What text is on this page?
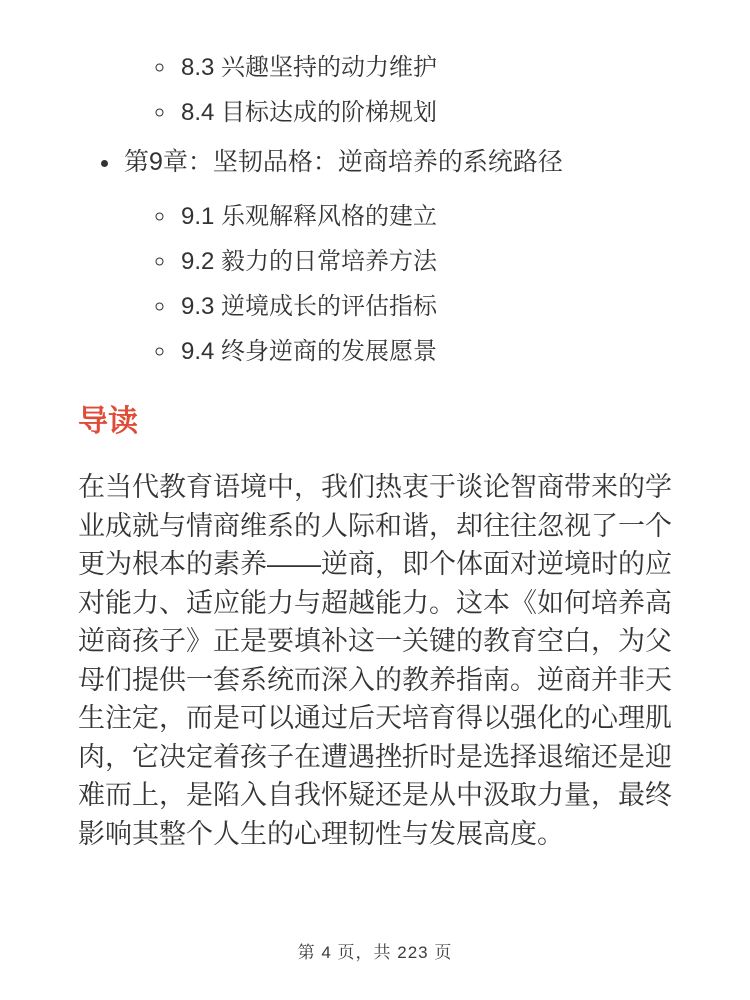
◦ 8.3 兴趣坚持的动力维护
◦ 8.4 目标达成的阶梯规划
• 第9章：坚韧品格：逆商培养的系统路径
◦ 9.1 乐观解释风格的建立
◦ 9.2 毅力的日常培养方法
◦ 9.3 逆境成长的评估指标
◦ 9.4 终身逆商的发展愿景
导读

在当代教育语境中，我们热衷于谈论智商带来的学业成就与情商维系的人际和谐，却往往忽视了一个更为根本的素养——逆商，即个体面对逆境时的应对能力、适应能力与超越能力。这本《如何培养高逆商孩子》正是要填补这一关键的教育空白，为父母们提供一套系统而深入的教养指南。逆商并非天生注定，而是可以通过后天培育得以强化的心理肌肉，它决定着孩子在遭遇挫折时是选择退缩还是迎难而上，是陷入自我怀疑还是从中汲取力量，最终影响其整个人生的心理韧性与发展高度。

第 4 页，共 223 页
